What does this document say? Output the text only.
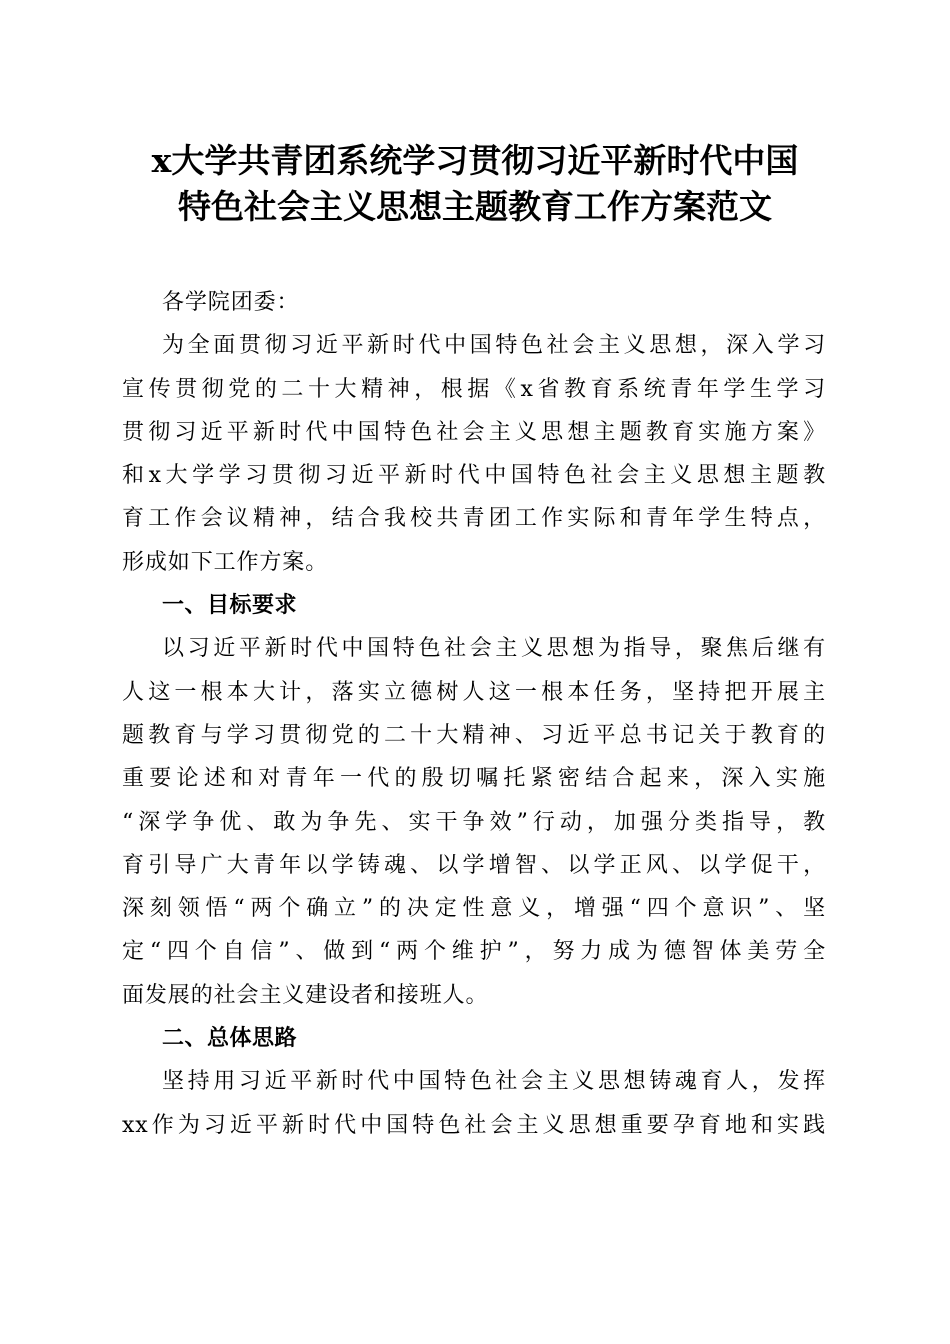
x大学共青团系统学习贯彻习近平新时代中国
特色社会主义思想主题教育工作方案范文

各学院团委：

为全面贯彻习近平新时代中国特色社会主义思想，深入学习
宣传贯彻党的二十大精神，根据《x省教育系统青年学生学习
贯彻习近平新时代中国特色社会主义思想主题教育实施方案》
和x大学学习贯彻习近平新时代中国特色社会主义思想主题教
育工作会议精神，结合我校共青团工作实际和青年学生特点，
形成如下工作方案。

一、目标要求

以习近平新时代中国特色社会主义思想为指导，聚焦后继有
人这一根本大计，落实立德树人这一根本任务，坚持把开展主
题教育与学习贯彻党的二十大精神、习近平总书记关于教育的
重要论述和对青年一代的殷切嘱托紧密结合起来，深入实施
“深学争优、敢为争先、实干争效”行动，加强分类指导，教
育引导广大青年以学铸魂、以学增智、以学正风、以学促干，
深刻领悟“两个确立”的决定性意义，增强“四个意识”、坚
定“四个自信”、做到“两个维护”，努力成为德智体美劳全
面发展的社会主义建设者和接班人。

二、总体思路

坚持用习近平新时代中国特色社会主义思想铸魂育人，发挥
xx作为习近平新时代中国特色社会主义思想重要孕育地和实践
